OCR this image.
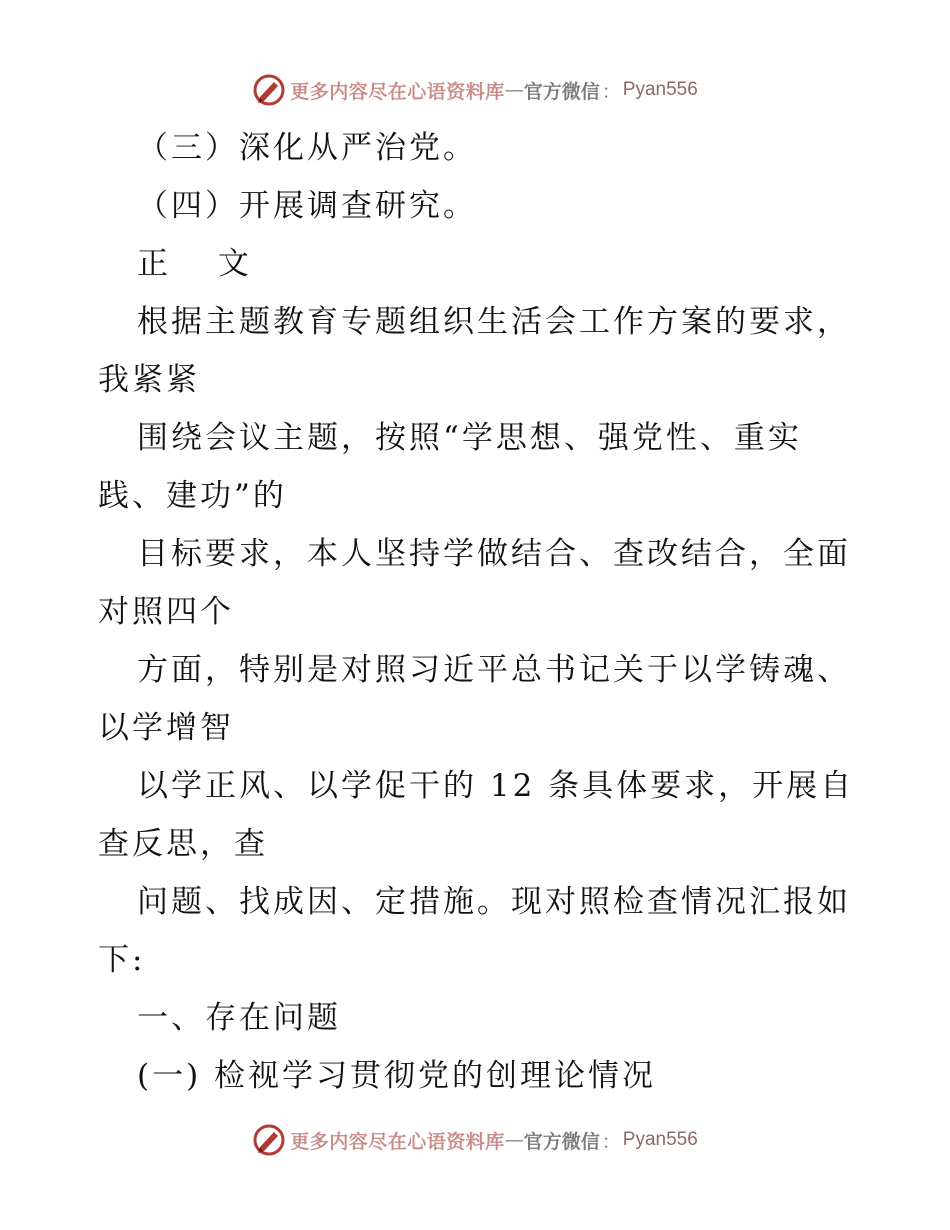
更多内容尽在心语资料库 — 官方微信 ： Pyan556

（三）深化从严治党。

（四）开展调查研究。

正 文

根据主题教育专题组织生活会工作方案的要求，

我紧紧

围绕会议主题，按照“学思想、强党性、重实

践、建功”的

目标要求，本人坚持学做结合、查改结合，全面

对照四个

方面，特别是对照习近平总书记关于以学铸魂、

以学增智

以学正风、以学促干的 12 条具体要求，开展自

查反思，查

问题、找成因、定措施。现对照检查情况汇报如

下:

一、存在问题

(一) 检视学习贯彻党的创理论情况

更多内容尽在心语资料库 — 官方微信 ： Pyan556
